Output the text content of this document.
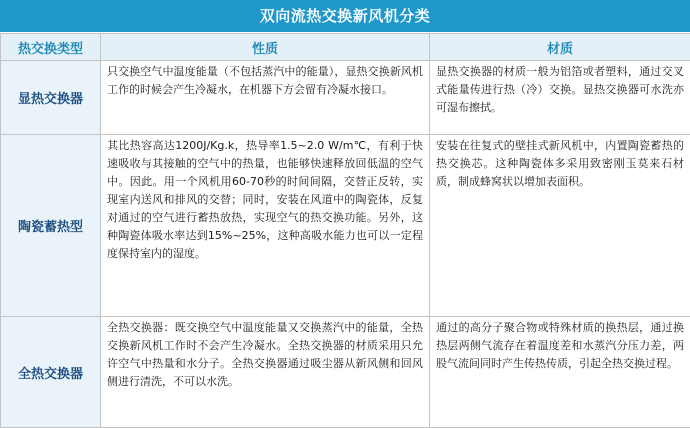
双向流热交换新风机分类
热交换类型	性质	材质
显热交换器	只交换空气中温度能量（不包括蒸汽中的能量），显热交换新风机工作的时候会产生冷凝水，在机器下方会留有冷凝水接口。	显热交换器的材质一般为铝箔或者塑料，通过交叉式能量传进行热（冷）交换。显热交换器可水洗亦可湿布擦拭。
陶瓷蓄热型	其比热容高达1200J/Kg.k，热导率1.5~2.0 W/m℃，有利于快速吸收与其接触的空气中的热量，也能够快速释放回低温的空气中。因此。用一个风机用60-70秒的时间间隔，交替正反转，实现室内送风和排风的交替；同时，安装在风道中的陶瓷体，反复对通过的空气进行蓄热放热，实现空气的热交换功能。另外，这种陶瓷体吸水率达到15%~25%，这种高吸水能力也可以一定程度保持室内的湿度。	安装在往复式的壁挂式新风机中，内置陶瓷蓄热的热交换芯。这种陶瓷体多采用致密刚玉莫来石材质，制成蜂窝状以增加表面积。
全热交换器	全热交换器：既交换空气中温度能量又交换蒸汽中的能量，全热交换新风机工作时不会产生冷凝水。全热交换器的材质采用只允许空气中热量和水分子。全热交换器通过吸尘器从新风侧和回风侧进行清洗，不可以水洗。	通过的高分子聚合物或特殊材质的换热层，通过换热层两侧气流存在着温度差和水蒸汽分压力差，两股气流间同时产生传热传质，引起全热交换过程。
